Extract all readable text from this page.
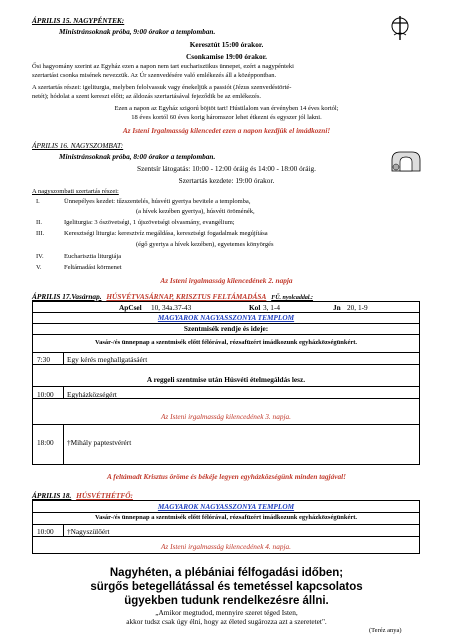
ÁPRILIS 15. NAGYPÉNTEK:
Ministránsoknak próba, 9:00 órakor a templomban.
Keresztút 15:00 órakor.
Csonkamise 19:00 órakor.
Ősi hagyomány szerint az Egyház ezen a napon nem tart eucharisztikus ünnepet, ezért a nagypénteki
szertartást csonka misének nevezzük. Az Úr szenvedésére való emlékezés áll a középpontban.
A szertartás részei: igeliturgia, melyben felolvassuk vagy énekeljük a passiót (Jézus szenvedéstörté-
netét); hódolat a szent kereszt előtt; az áldozás szertartásával fejeződik be az emlékezés.
Ezen a napon az Egyház szigorú böjtöt tart! Hústilalom van érvényben 14 éves kortól;
18 éves kortól 60 éves korig háromszor lehet étkezni és egyszer jól lakni.
Az Isteni Irgalmasság kilencedet ezen a napon kezdjük el imádkozni!
ÁPRILIS 16. NAGYSZOMBAT:
Ministránsoknak próba, 8:00 órakor a templomban.
Szentsír látogatás: 10:00 - 12:00 óráig és 14:00 - 18:00 óráig.
Szertartás kezdete: 19:00 órakor.
A nagyszombati szertartás részei:
I.	Ünnepélyes kezdet: tűzszentelés, húsvéti gyertya bevitele a templomba,
(a hívek kezében gyertya), húsvéti öröménék,
II.	Igeliturgia: 3 ószövetségi, 1 újszövetségi olvasmány, evangélium;
III.	Keresztségi liturgia: keresztvíz megáldása, keresztségi fogadalmak megújítása
(égő gyertya a hívek kezében), egyetemes könyörgés
IV.	Eucharisztia liturgiája
V.	Feltámadási körmenet
Az Isteni irgalmasság kilencedének 2. napja
ÁPRILIS 17.Vasárnap. HÚSVÉTVASÁRNAP, KRISZTUS FELTÁMADÁSA FŰ. nyolcaddal.:
ApCsel 10, 34a.37-43	Kol 3, 1-4	Jn 20, 1-9
MAGYAROK NAGYASSZONYA TEMPLOM
Szentmisék rendje és ideje:
Vasár-/és ünnepnap a szentmisék előtt félórával, rózsafüzért imádkozunk egyházközségünkért.
7:30 Egy kérés meghallgatásáért
A reggeli szentmise után Húsvéti ételmegáldás lesz.
10:00 Egyházközségért
Az Isteni irgalmasság kilencedének 3. napja.
18:00 †Mihály paptestvérért
A feltámadt Krisztus öröme és békéje legyen egyházközségünk minden tagjával!
ÁPRILIS 18. HÚSVÉTHÉTFŐ:
MAGYAROK NAGYASSZONYA TEMPLOM
Vasár-/és ünnepnap a szentmisék előtt félórával, rózsafüzért imádkozunk egyházközségünkért.
10:00 †Nagyszülőért
Az Isteni irgalmasság kilencedének 4. napja.
Nagyhéten, a plébániai félfogadási időben;
sürgős betegellátással és temetéssel kapcsolatos
ügyekben tudunk rendelkezésre állni.
„Amikor megtudod, mennyire szeret téged Isten,
akkor tudsz csak úgy élni, hogy az életed sugározza azt a szeretetet".
(Teréz anya)
